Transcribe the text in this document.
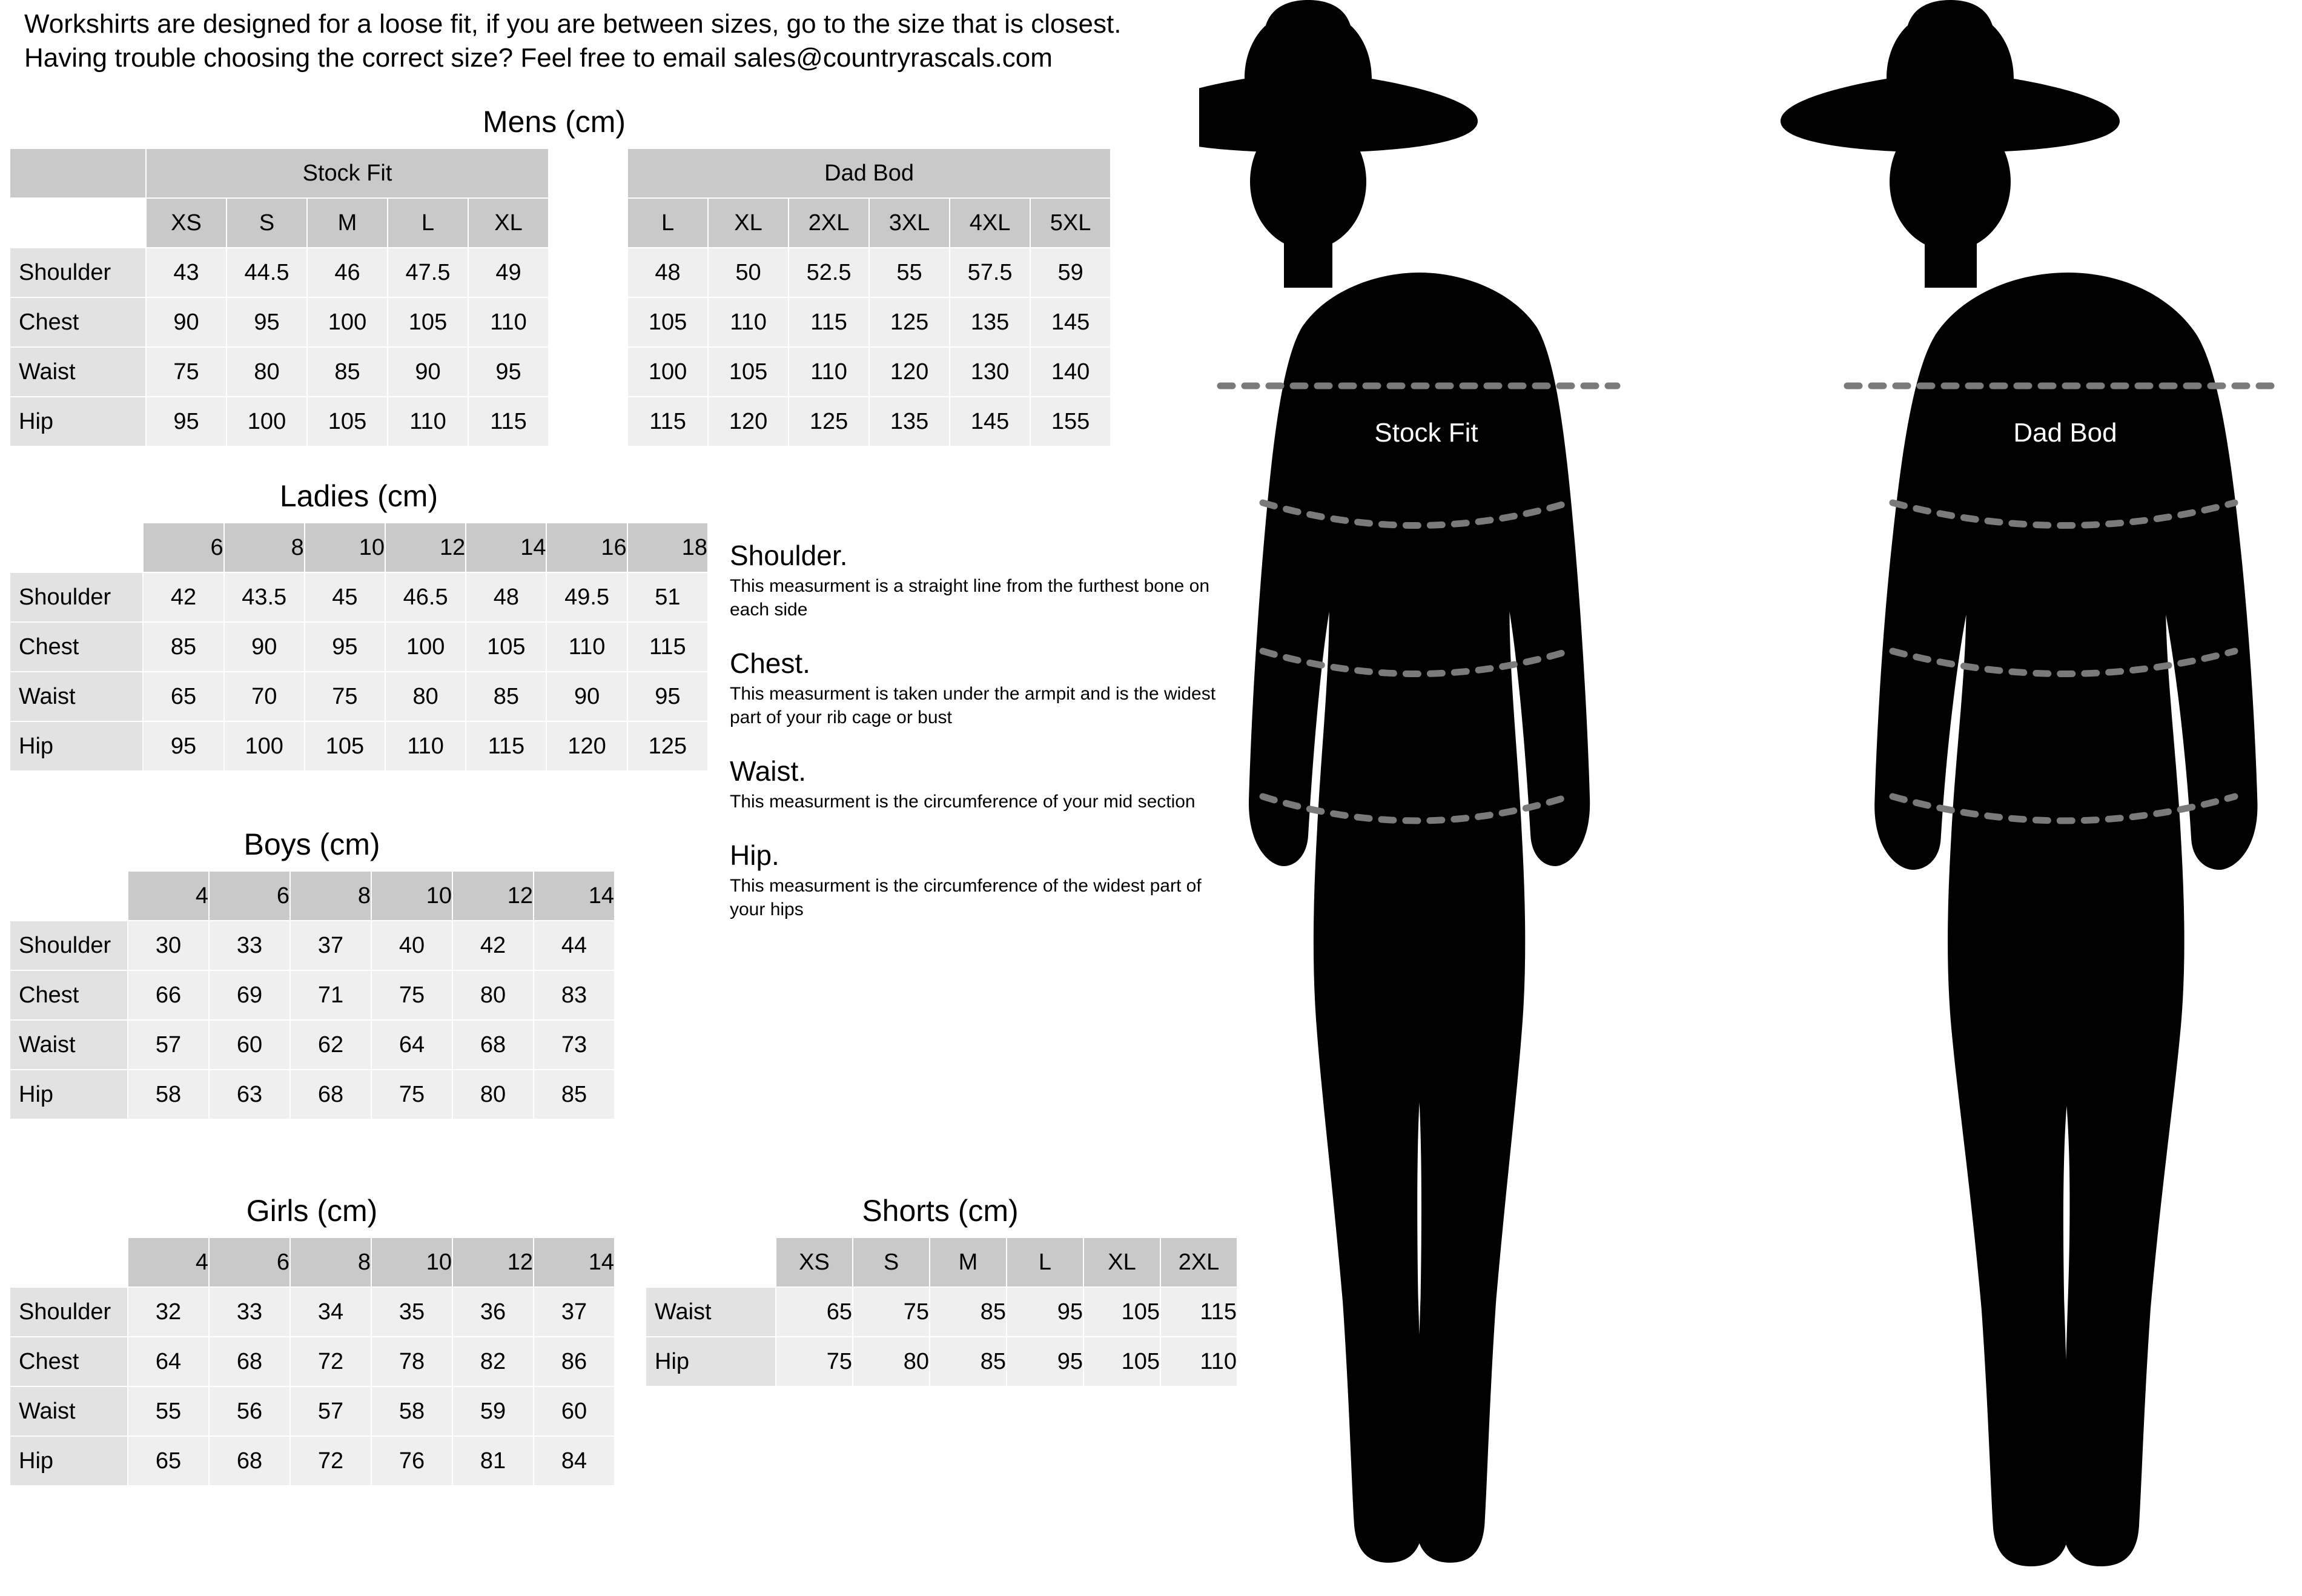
Workshirts are designed for a loose fit, if you are between sizes, go to the size that is closest.
Having trouble choosing the correct size? Feel free to email sales@countryrascals.com
Mens (cm)
	Stock Fit						Dad Bod					
	XS	S	M	L	XL		L	XL	2XL	3XL	4XL	5XL
Shoulder	43	44.5	46	47.5	49		48	50	52.5	55	57.5	59
Chest	90	95	100	105	110		105	110	115	125	135	145
Waist	75	80	85	90	95		100	105	110	120	130	140
Hip	95	100	105	110	115		115	120	125	135	145	155
Ladies (cm)
	6	8	10	12	14	16	18
Shoulder	42	43.5	45	46.5	48	49.5	51
Chest	85	90	95	100	105	110	115
Waist	65	70	75	80	85	90	95
Hip	95	100	105	110	115	120	125
Boys (cm)
	4	6	8	10	12	14
Shoulder	30	33	37	40	42	44
Chest	66	69	71	75	80	83
Waist	57	60	62	64	68	73
Hip	58	63	68	75	80	85
Girls (cm)
	4	6	8	10	12	14
Shoulder	32	33	34	35	36	37
Chest	64	68	72	78	82	86
Waist	55	56	57	58	59	60
Hip	65	68	72	76	81	84
Shorts (cm)
	XS	S	M	L	XL	2XL
Waist	65	75	85	95	105	115
Hip	75	80	85	95	105	110
Shoulder.
This measurment is a straight line from the furthest bone on each side
Chest.
This measurment is taken under the armpit and is the widest part of your rib cage or bust
Waist.
This measurment is the circumference of your mid section
Hip.
This measurment is the circumference of the widest part of your hips
Stock Fit	Dad Bod
